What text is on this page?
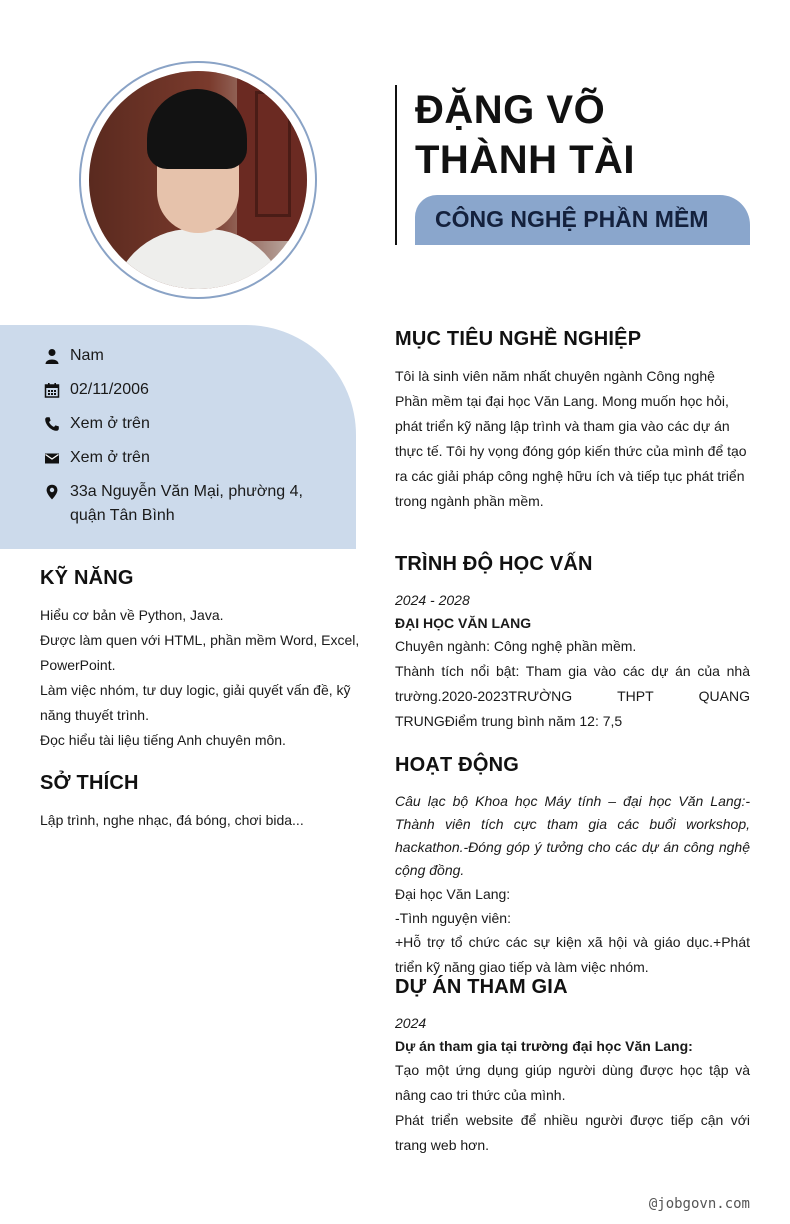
ĐẶNG VÕ THÀNH TÀI
CÔNG NGHỆ PHẦN MỀM
Nam
02/11/2006
Xem ở trên
Xem ở trên
33a Nguyễn Văn Mại, phường 4,
quận Tân Bình
KỸ NĂNG

Hiểu cơ bản về Python, Java.

Được làm quen với HTML, phần mềm Word, Excel,

PowerPoint.

Làm việc nhóm, tư duy logic, giải quyết vấn đề, kỹ

năng thuyết trình.

Đọc hiểu tài liệu tiếng Anh chuyên môn.

SỞ THÍCH
Lập trình, nghe nhạc, đá bóng, chơi bida...
MỤC TIÊU NGHỀ NGHIỆP
Tôi là sinh viên năm nhất chuyên ngành Công nghệ Phần mềm tại đại học Văn Lang. Mong muốn học hỏi, phát triển kỹ năng lập trình và tham gia vào các dự án thực tế. Tôi hy vọng đóng góp kiến thức của mình để tạo ra các giải pháp công nghệ hữu ích và tiếp tục phát triển trong ngành phần mềm.
TRÌNH ĐỘ HỌC VẤN

2024 - 2028

ĐẠI HỌC VĂN LANG

Chuyên ngành: Công nghệ phần mềm.

Thành tích nổi bật: Tham gia vào các dự án của nhà trường.2020-2023TRƯỜNG THPT QUANG TRUNGĐiểm trung bình năm 12: 7,5

HOẠT ĐỘNG

Câu lạc bộ Khoa học Máy tính – đại học Văn Lang:-Thành viên tích cực tham gia các buổi workshop, hackathon.-Đóng góp ý tưởng cho các dự án công nghệ cộng đồng.

Đại học Văn Lang:

-Tình nguyện viên:

+Hỗ trợ tổ chức các sự kiện xã hội và giáo dục.+Phát triển kỹ năng giao tiếp và làm việc nhóm.

DỰ ÁN THAM GIA

2024

Dự án tham gia tại trường đại học Văn Lang:

Tạo một ứng dụng giúp người dùng được học tập và nâng cao tri thức của mình.

Phát triển website để nhiều người được tiếp cận với trang web hơn.

@jobgovn.com
